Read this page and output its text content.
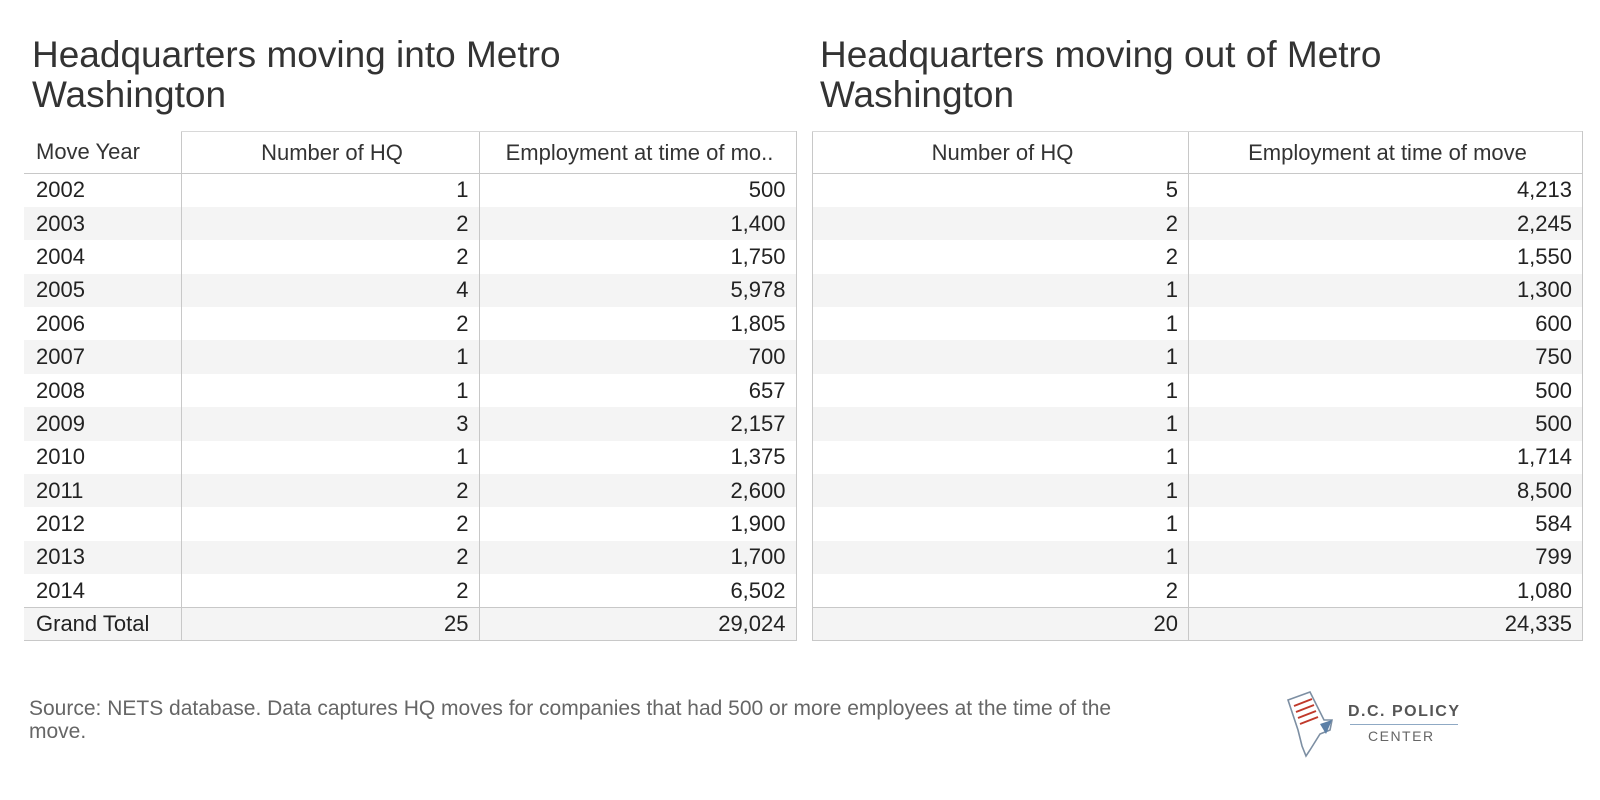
Headquarters moving into Metro Washington
Headquarters moving out of Metro Washington
Move Year	Number of HQ	Employment at time of mo..
2002	1	500
2003	2	1,400
2004	2	1,750
2005	4	5,978
2006	2	1,805
2007	1	700
2008	1	657
2009	3	2,157
2010	1	1,375
2011	2	2,600
2012	2	1,900
2013	2	1,700
2014	2	6,502
Grand Total	25	29,024
Number of HQ	Employment at time of move
5	4,213
2	2,245
2	1,550
1	1,300
1	600
1	750
1	500
1	500
1	1,714
1	8,500
1	584
1	799
2	1,080
20	24,335

Source: NETS database. Data captures HQ moves for companies that had 500 or more employees at the time of the move.

D.C. POLICY
CENTER
